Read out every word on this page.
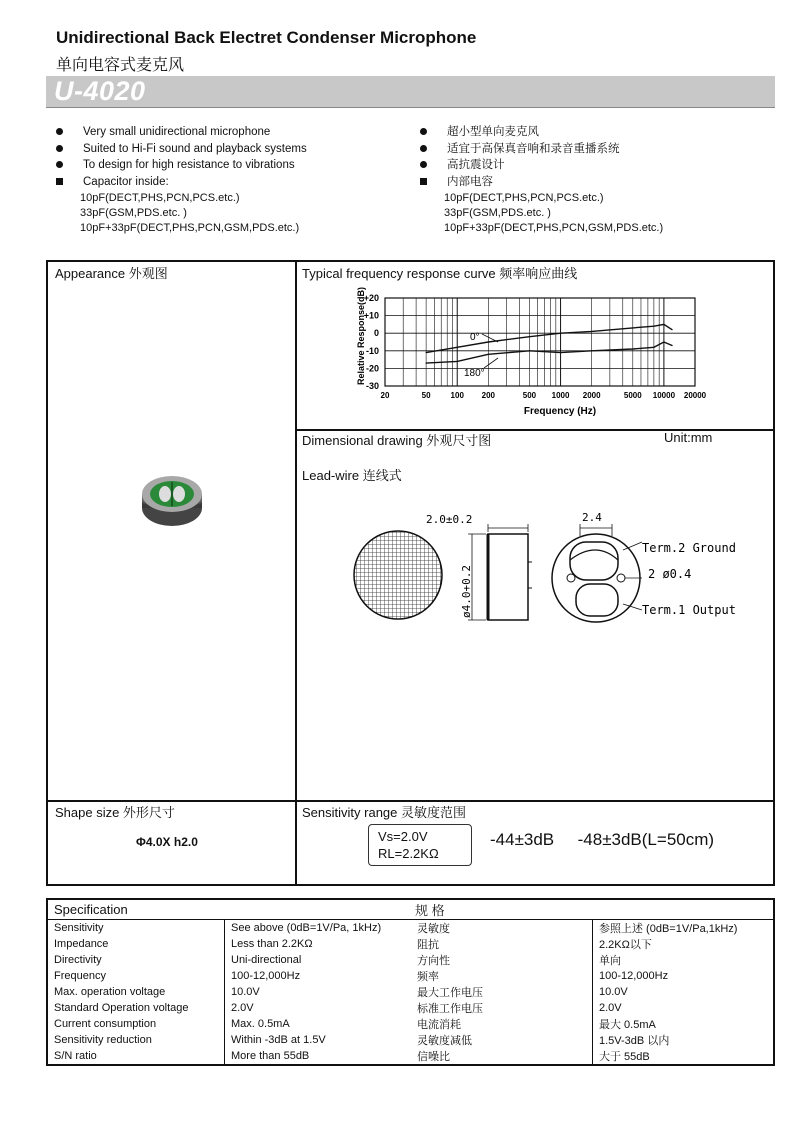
Unidirectional Back Electret Condenser Microphone
单向电容式麦克风
U-4020
Very small unidirectional microphone
Suited to Hi-Fi sound and playback systems
To design for high resistance to vibrations
Capacitor inside:
10pF(DECT,PHS,PCN,PCS.etc.)
33pF(GSM,PDS.etc. )
10pF+33pF(DECT,PHS,PCN,GSM,PDS.etc.)
超小型单向麦克风
适宜于高保真音响和录音重播系统
高抗震设计
内部电容
10pF(DECT,PHS,PCN,PCS.etc.)
33pF(GSM,PDS.etc. )
10pF+33pF(DECT,PHS,PCN,GSM,PDS.etc.)
Appearance 外观图	Typical frequency response curve 频率响应曲线
Dimensional drawing 外观尺寸图	Unit:mm
Lead-wire 连线式
Shape size 外形尺寸
Φ4.0X h2.0
Sensitivity range 灵敏度范围
Vs=2.0V
RL=2.2KΩ
-44±3dB -48±3dB(L=50cm)
+20
+10
0
-10
-20
-30
20	50 100 200	500 1000 2000	5000 10000 20000
Relative Response(dB)
Frequency (Hz)
0°
180°
2.0±0.2
ø4.0+0.2
2.4
Term.2 Ground
2 ø0.4
Term.1 Output
Specification		规 格	
Sensitivity	See above (0dB=1V/Pa, 1kHz)	灵敏度	参照上述 (0dB=1V/Pa,1kHz)
Impedance	Less than 2.2KΩ	阻抗	2.2KΩ以下
Directivity	Uni-directional	方向性	单向
Frequency	100-12,000Hz	频率	100-12,000Hz
Max. operation voltage	10.0V	最大工作电压	10.0V
Standard Operation voltage	2.0V	标准工作电压	2.0V
Current consumption	Max. 0.5mA	电流消耗	最大 0.5mA
Sensitivity reduction	Within -3dB at 1.5V	灵敏度减低	1.5V-3dB 以内
S/N ratio	More than 55dB	信噪比	大于 55dB
